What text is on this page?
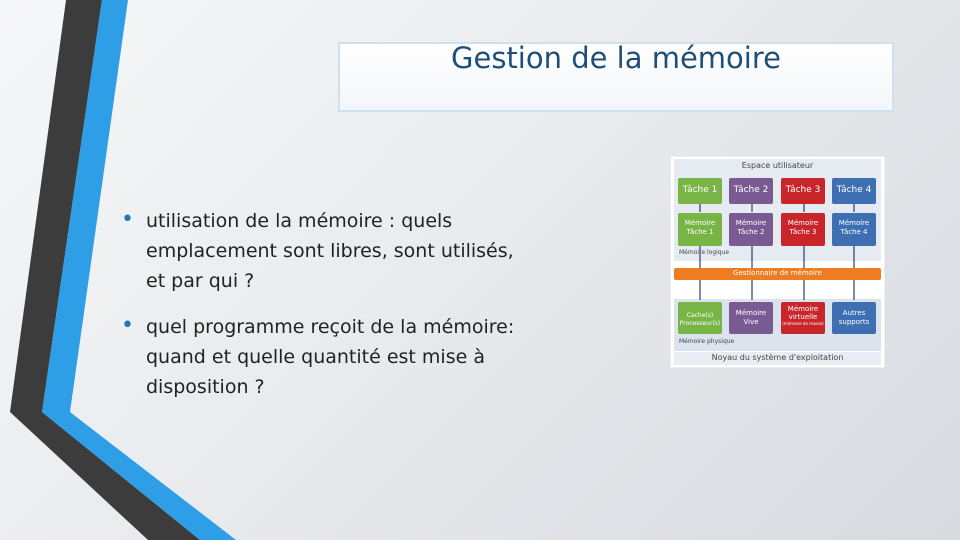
Gestion de la mémoire
• utilisation de la mémoire : quels emplacement sont libres, sont utilisés, et par qui ?
• quel programme reçoit de la mémoire: quand et quelle quantité est mise à disposition ?
Espace utilisateur
Tâche 1	Tâche 2	Tâche 3	Tâche 4
Mémoire
Tâche 1
Mémoire
Tâche 2
Mémoire
Tâche 3
Mémoire
Tâche 4
Mémoire logique
Gestionnaire de mémoire
Cache(s)
Processeur(s)
Mémoire
Vive
Mémoire
virtuelle
(mémoire de masse)
Autres
supports
Mémoire physique
Noyau du système d'exploitation
